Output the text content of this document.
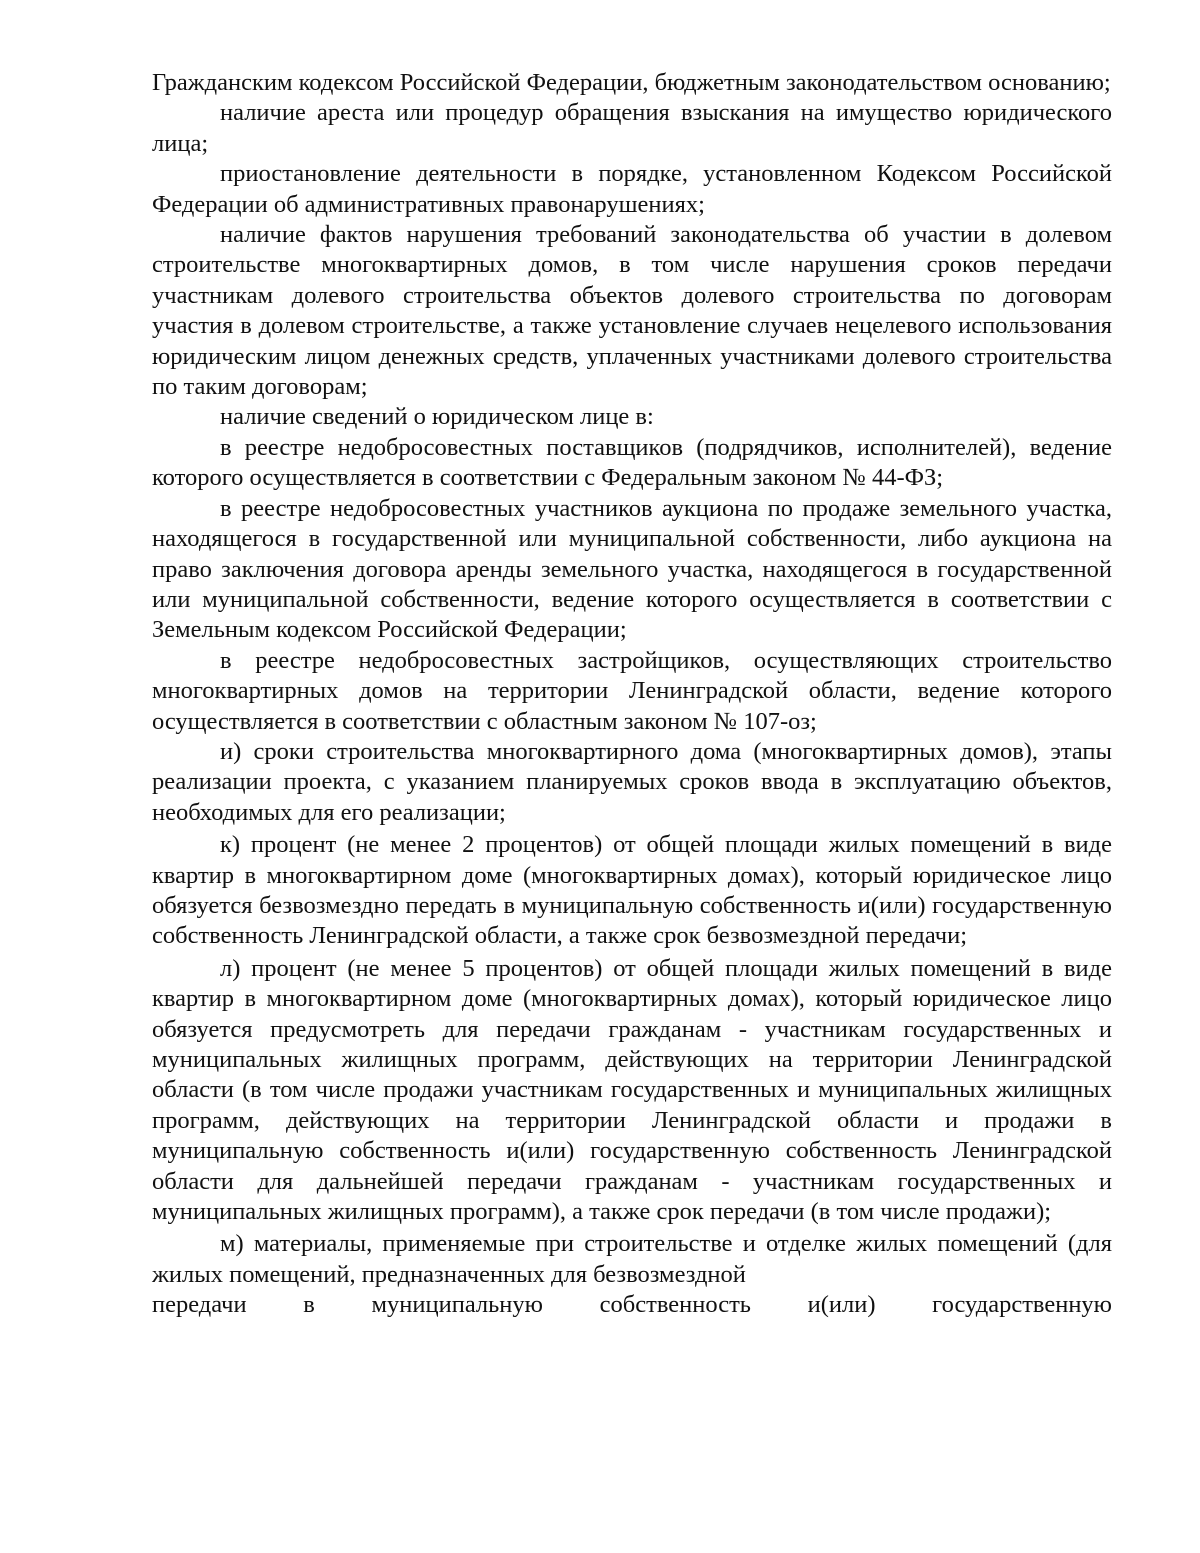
Гражданским кодексом Российской Федерации, бюджетным законодательством основанию;

наличие ареста или процедур обращения взыскания на имущество юридического лица;

приостановление деятельности в порядке, установленном Кодексом Российской Федерации об административных правонарушениях;

наличие фактов нарушения требований законодательства об участии в долевом строительстве многоквартирных домов, в том числе нарушения сроков передачи участникам долевого строительства объектов долевого строительства по договорам участия в долевом строительстве, а также установление случаев нецелевого использования юридическим лицом денежных средств, уплаченных участниками долевого строительства по таким договорам;

наличие сведений о юридическом лице в:

в реестре недобросовестных поставщиков (подрядчиков, исполнителей), ведение которого осуществляется в соответствии с Федеральным законом № 44-ФЗ;

в реестре недобросовестных участников аукциона по продаже земельного участка, находящегося в государственной или муниципальной собственности, либо аукциона на право заключения договора аренды земельного участка, находящегося в государственной или муниципальной собственности, ведение которого осуществляется в соответствии с Земельным кодексом Российской Федерации;

в реестре недобросовестных застройщиков, осуществляющих строительство многоквартирных домов на территории Ленинградской области, ведение которого осуществляется в соответствии с областным законом № 107-оз;

и) сроки строительства многоквартирного дома (многоквартирных домов), этапы реализации проекта, с указанием планируемых сроков ввода в эксплуатацию объектов, необходимых для его реализации;

к) процент (не менее 2 процентов) от общей площади жилых помещений в виде квартир в многоквартирном доме (многоквартирных домах), который юридическое лицо обязуется безвозмездно передать в муниципальную собственность и(или) государственную собственность Ленинградской области, а также срок безвозмездной передачи;

л) процент (не менее 5 процентов) от общей площади жилых помещений в виде квартир в многоквартирном доме (многоквартирных домах), который юридическое лицо обязуется предусмотреть для передачи гражданам - участникам государственных и муниципальных жилищных программ, действующих на территории Ленинградской области (в том числе продажи участникам государственных и муниципальных жилищных программ, действующих на территории Ленинградской области и продажи в муниципальную собственность и(или) государственную собственность Ленинградской области для дальнейшей передачи гражданам - участникам государственных и муниципальных жилищных программ), а также срок передачи (в том числе продажи);

м) материалы, применяемые при строительстве и отделке жилых помещений (для жилых помещений, предназначенных для безвозмездной

передачи в муниципальную собственность и(или) государственную
